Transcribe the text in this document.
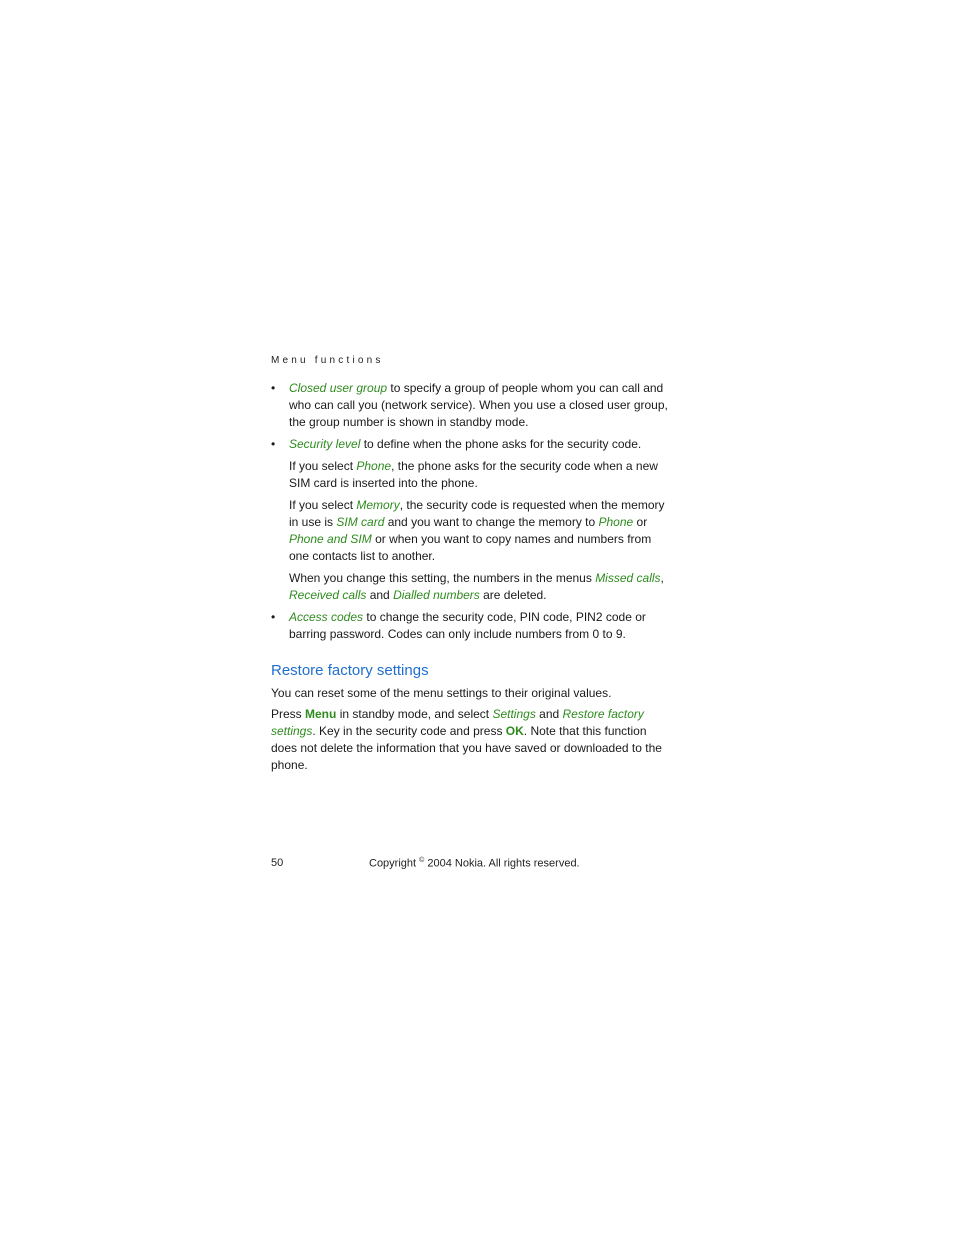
Menu functions
• Closed user group to specify a group of people whom you can call and who can call you (network service). When you use a closed user group, the group number is shown in standby mode.
• Security level to define when the phone asks for the security code.
If you select Phone, the phone asks for the security code when a new SIM card is inserted into the phone.
If you select Memory, the security code is requested when the memory in use is SIM card and you want to change the memory to Phone or Phone and SIM or when you want to copy names and numbers from one contacts list to another.
When you change this setting, the numbers in the menus Missed calls, Received calls and Dialled numbers are deleted.
• Access codes to change the security code, PIN code, PIN2 code or barring password. Codes can only include numbers from 0 to 9.
Restore factory settings
You can reset some of the menu settings to their original values.
Press Menu in standby mode, and select Settings and Restore factory settings. Key in the security code and press OK. Note that this function does not delete the information that you have saved or downloaded to the phone.
50	Copyright © 2004 Nokia. All rights reserved.
